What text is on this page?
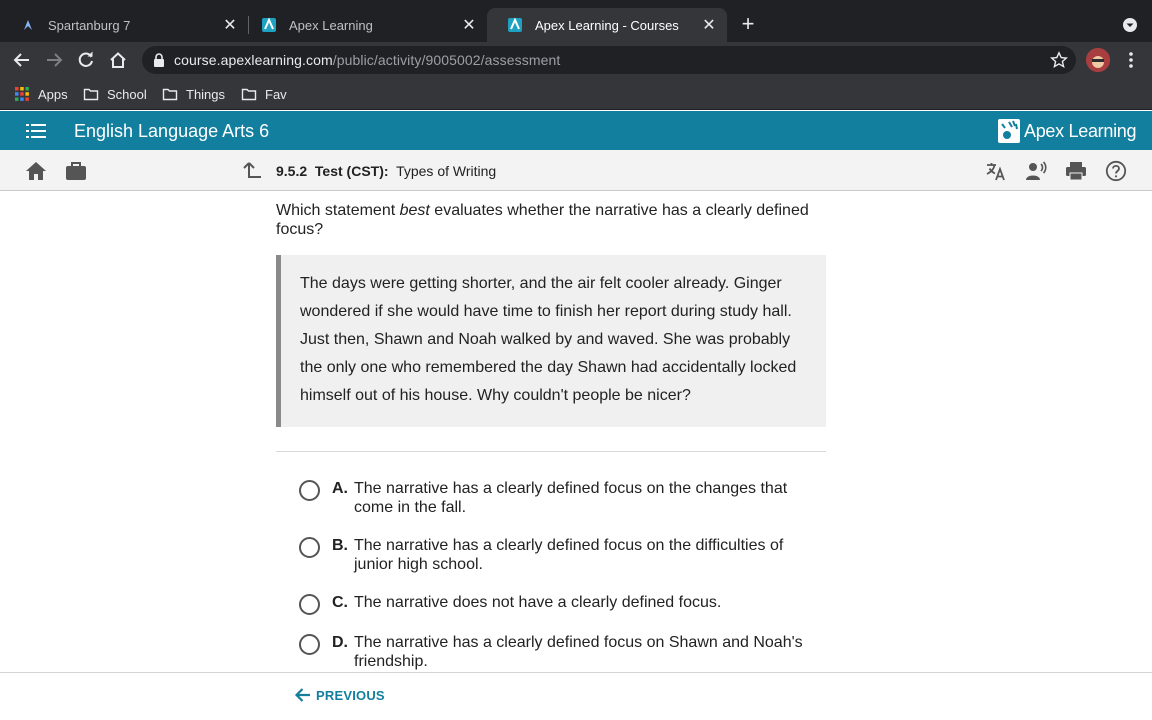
Spartanburg 7	✕	Apex Learning	✕	Apex Learning - Courses	✕ +
course.apexlearning.com/public/activity/9005002/assessment
Apps	School	Things	Fav
English Language Arts 6	Apex Learning
9.5.2 Test (CST): Types of Writing
Which statement best evaluates whether the narrative has a clearly defined focus?
The days were getting shorter, and the air felt cooler already. Ginger wondered if she would have time to finish her report during study hall. Just then, Shawn and Noah walked by and waved. She was probably the only one who remembered the day Shawn had accidentally locked himself out of his house. Why couldn't people be nicer?
A. The narrative has a clearly defined focus on the changes that come in the fall.
B. The narrative has a clearly defined focus on the difficulties of junior high school.
C. The narrative does not have a clearly defined focus.
D. The narrative has a clearly defined focus on Shawn and Noah's friendship.
PREVIOUS
